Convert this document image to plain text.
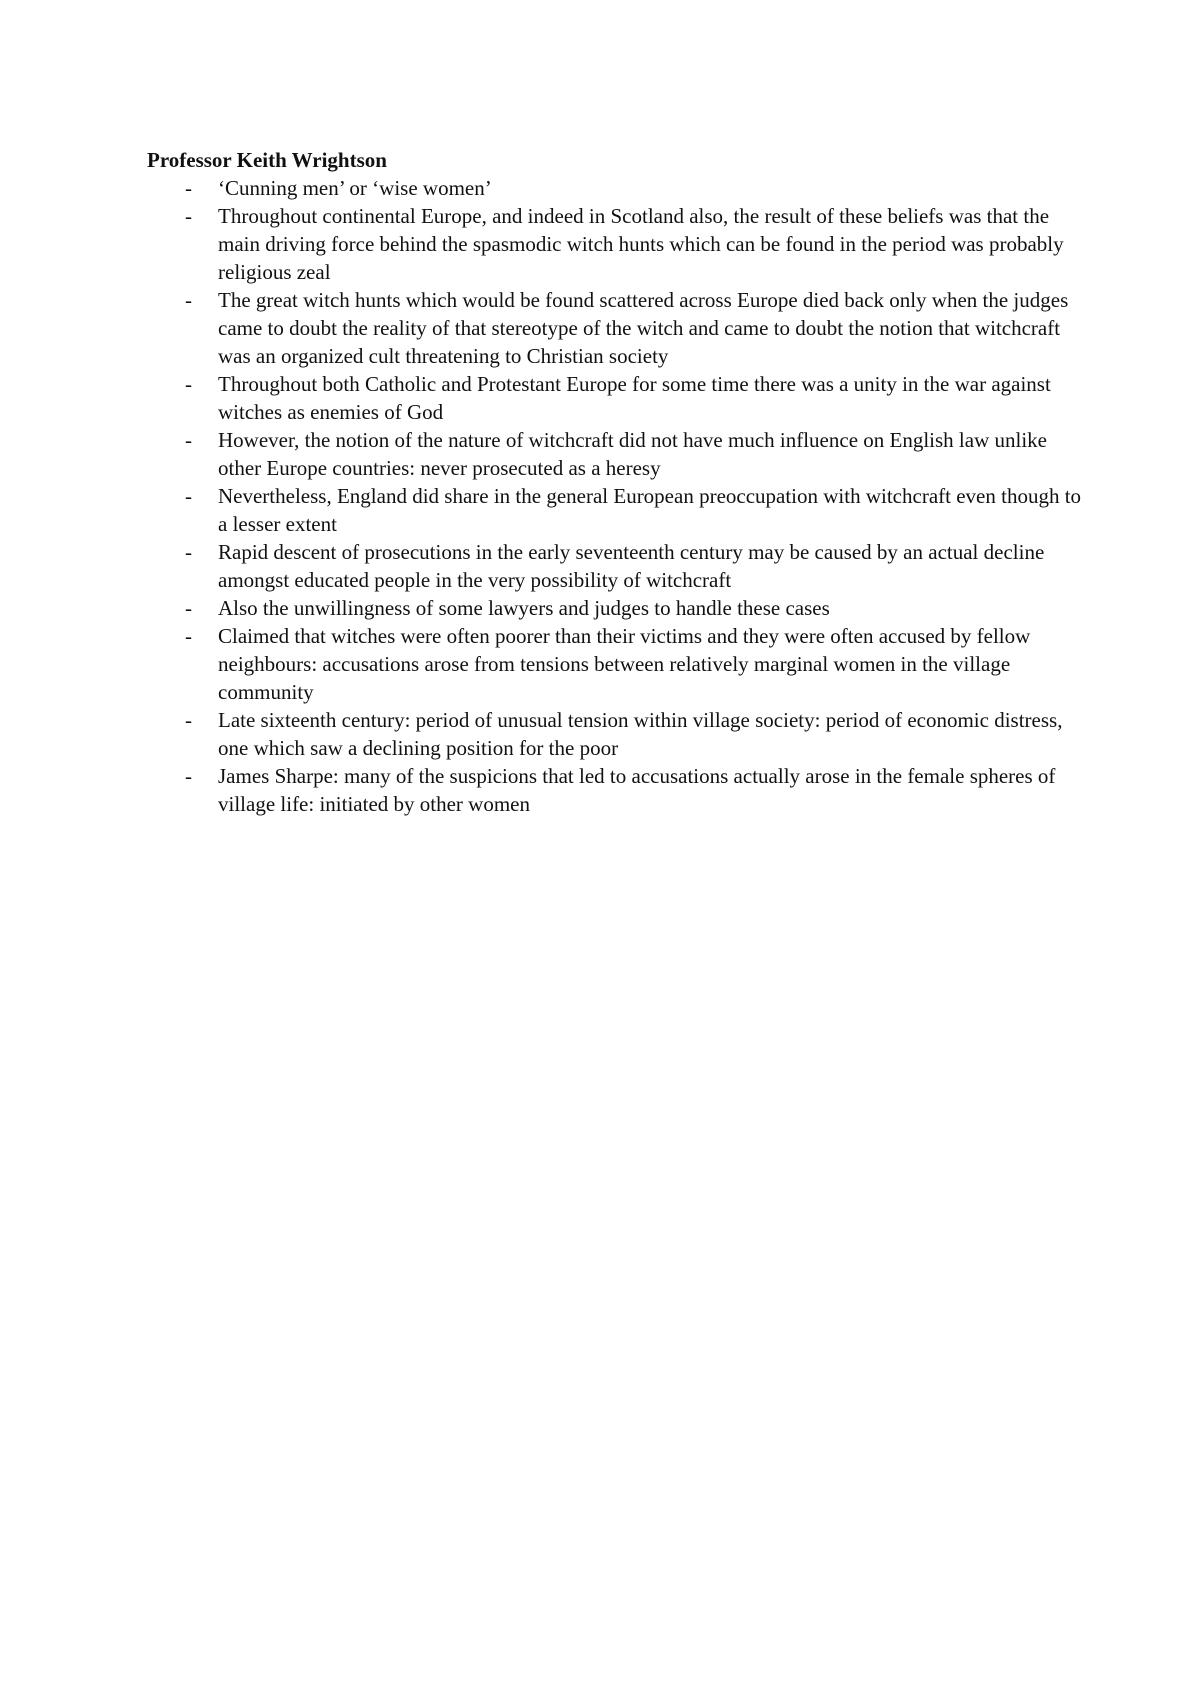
Professor Keith Wrightson

- ‘Cunning men’ or ‘wise women’
- Throughout continental Europe, and indeed in Scotland also, the result of these beliefs was that the main driving force behind the spasmodic witch hunts which can be found in the period was probably religious zeal
- The great witch hunts which would be found scattered across Europe died back only when the judges came to doubt the reality of that stereotype of the witch and came to doubt the notion that witchcraft was an organized cult threatening to Christian society
- Throughout both Catholic and Protestant Europe for some time there was a unity in the war against witches as enemies of God
- However, the notion of the nature of witchcraft did not have much influence on English law unlike other Europe countries: never prosecuted as a heresy
- Nevertheless, England did share in the general European preoccupation with witchcraft even though to a lesser extent
- Rapid descent of prosecutions in the early seventeenth century may be caused by an actual decline amongst educated people in the very possibility of witchcraft
- Also the unwillingness of some lawyers and judges to handle these cases
- Claimed that witches were often poorer than their victims and they were often accused by fellow neighbours: accusations arose from tensions between relatively marginal women in the village community
- Late sixteenth century: period of unusual tension within village society: period of economic distress, one which saw a declining position for the poor
- James Sharpe: many of the suspicions that led to accusations actually arose in the female spheres of village life: initiated by other women
